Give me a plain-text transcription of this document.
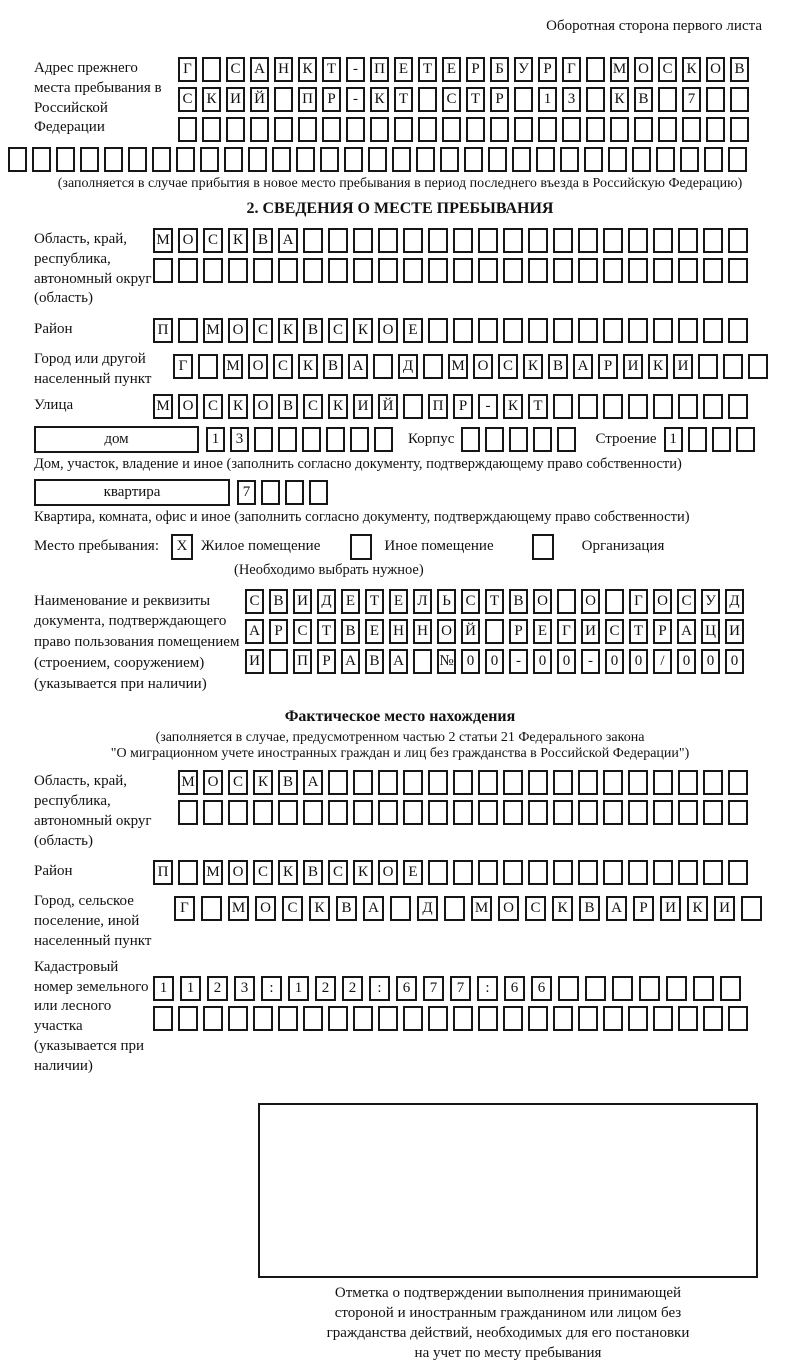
Оборотная сторона первого листа
Адрес прежнего места пребывания в Российской Федерации
Г	С А Н К Т	-	П Е Т Е	Р	Б У Р	Г	М О С К О В
С К И Й П Р	-	К Т	С Т	Р	1	3	К В	7
(заполняется в случае прибытия в новое место пребывания в период последнего въезда в Российскую Федерацию)
2. СВЕДЕНИЯ О МЕСТЕ ПРЕБЫВАНИЯ
Область, край, республика, автономный округ (область)
М О С К В А
Район	П	М О С К В С К О Е
Город или другой населенный пункт
Г	М О С К В А	Д	М О С К В А	Р	И К И
Улица	М О С К О В С К И Й	П	Р	-	К	Т
дом	1	3	Корпус	Строение 1
Дом, участок, владение и иное (заполнить согласно документу, подтверждающему право собственности)
квартира	7
Квартира, комната, офис и иное (заполнить согласно документу, подтверждающему право собственности)
Место пребывания:	X Жилое помещение	Иное помещение	Организация
(Необходимо выбрать нужное)
Наименование и реквизиты документа, подтверждающего право пользования помещением (строением, сооружением) (указывается при наличии)
С В И Д Е Т Е Л Ь С Т В О О	Г О С У Д
А Р С Т В Е Н Н О Й	Р	Е	Г И С Т	Р А Ц И
И П Р А В А № 0	0	-	0	0	-	0	0	/	0	0	0
Фактическое место нахождения
(заполняется в случае, предусмотренном частью 2 статьи 21 Федерального закона
"О миграционном учете иностранных граждан и лиц без гражданства в Российской Федерации")
Область, край, республика, автономный округ (область)
М О С К В А
Район	П	М О С К В С К О Е
Город, сельское поселение, иной населенный пункт
Г	М О	С	К	В	А	Д	М О	С	К	В	А	Р	И	К	И
Кадастровый номер земельного или лесного участка (указывается при наличии)
1	1	2	3	:	1	2	2	:	6	7	7	:	6	6
Отметка о подтверждении выполнения принимающей
стороной и иностранным гражданином или лицом без
гражданства действий, необходимых для его постановки
на учет по месту пребывания
